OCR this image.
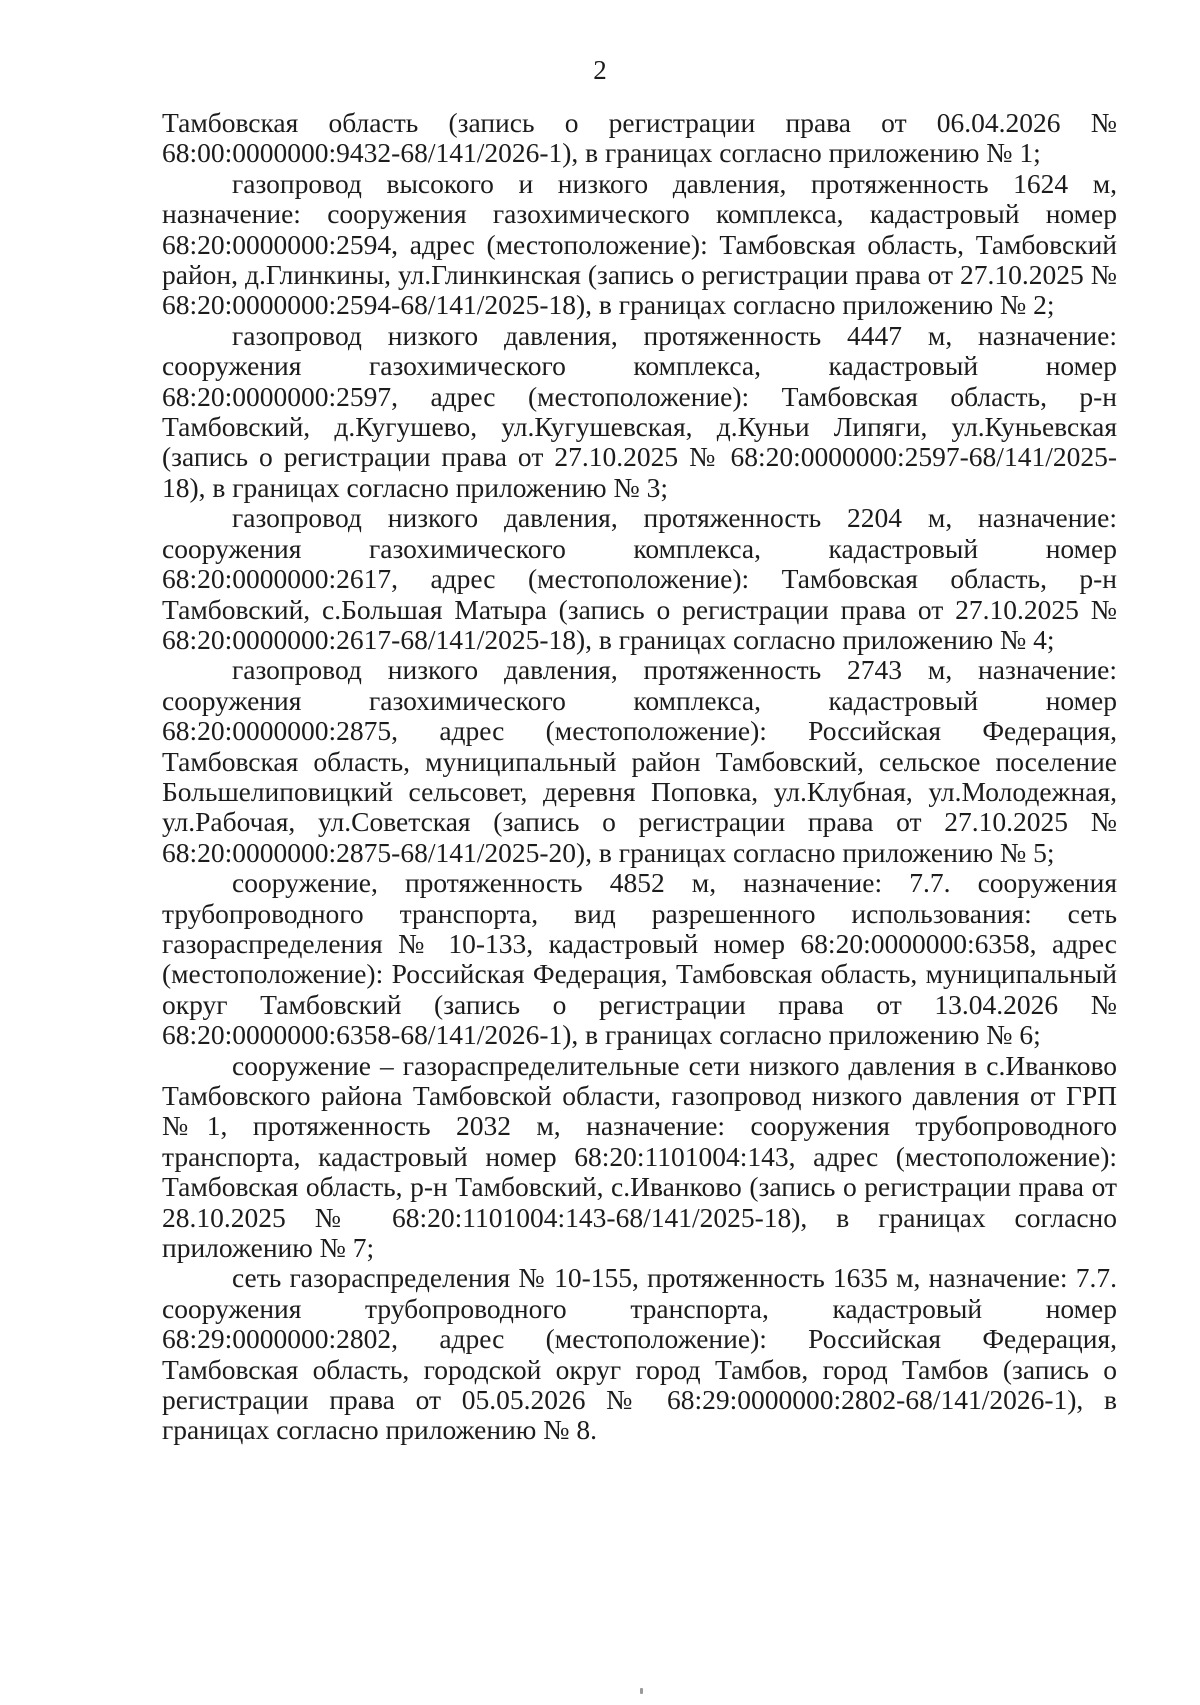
2

Тамбовская область (запись о регистрации права от 06.04.2026 № 68:00:0000000:9432-68/141/2026-1), в границах согласно приложению № 1;

газопровод высокого и низкого давления, протяженность 1624 м, назначение: сооружения газохимического комплекса, кадастровый номер 68:20:0000000:2594, адрес (местоположение): Тамбовская область, Тамбовский район, д.Глинкины, ул.Глинкинская (запись о регистрации права от 27.10.2025 № 68:20:0000000:2594-68/141/2025-18), в границах согласно приложению № 2;

газопровод низкого давления, протяженность 4447 м, назначение: сооружения газохимического комплекса, кадастровый номер 68:20:0000000:2597, адрес (местоположение): Тамбовская область, р-н Тамбовский, д.Кугушево, ул.Кугушевская, д.Куньи Липяги, ул.Куньевская (запись о регистрации права от 27.10.2025 № 68:20:0000000:2597-68/141/2025-18), в границах согласно приложению № 3;

газопровод низкого давления, протяженность 2204 м, назначение: сооружения газохимического комплекса, кадастровый номер 68:20:0000000:2617, адрес (местоположение): Тамбовская область, р-н Тамбовский, с.Большая Матыра (запись о регистрации права от 27.10.2025 № 68:20:0000000:2617-68/141/2025-18), в границах согласно приложению № 4;

газопровод низкого давления, протяженность 2743 м, назначение: сооружения газохимического комплекса, кадастровый номер 68:20:0000000:2875, адрес (местоположение): Российская Федерация, Тамбовская область, муниципальный район Тамбовский, сельское поселение Большелиповицкий сельсовет, деревня Поповка, ул.Клубная, ул.Молодежная, ул.Рабочая, ул.Советская (запись о регистрации права от 27.10.2025 № 68:20:0000000:2875-68/141/2025-20), в границах согласно приложению № 5;

сооружение, протяженность 4852 м, назначение: 7.7. сооружения трубопроводного транспорта, вид разрешенного использования: сеть газораспределения № 10-133, кадастровый номер 68:20:0000000:6358, адрес (местоположение): Российская Федерация, Тамбовская область, муниципальный округ Тамбовский (запись о регистрации права от 13.04.2026 № 68:20:0000000:6358-68/141/2026-1), в границах согласно приложению № 6;

сооружение – газораспределительные сети низкого давления в с.Иванково Тамбовского района Тамбовской области, газопровод низкого давления от ГРП №1, протяженность 2032 м, назначение: сооружения трубопроводного транспорта, кадастровый номер 68:20:1101004:143, адрес (местоположение): Тамбовская область, р-н Тамбовский, с.Иванково (запись о регистрации права от 28.10.2025 № 68:20:1101004:143-68/141/2025-18), в границах согласно приложению № 7;

сеть газораспределения № 10-155, протяженность 1635 м, назначение: 7.7. сооружения трубопроводного транспорта, кадастровый номер 68:29:0000000:2802, адрес (местоположение): Российская Федерация, Тамбовская область, городской округ город Тамбов, город Тамбов (запись о регистрации права от 05.05.2026 № 68:29:0000000:2802-68/141/2026-1), в границах согласно приложению № 8.
